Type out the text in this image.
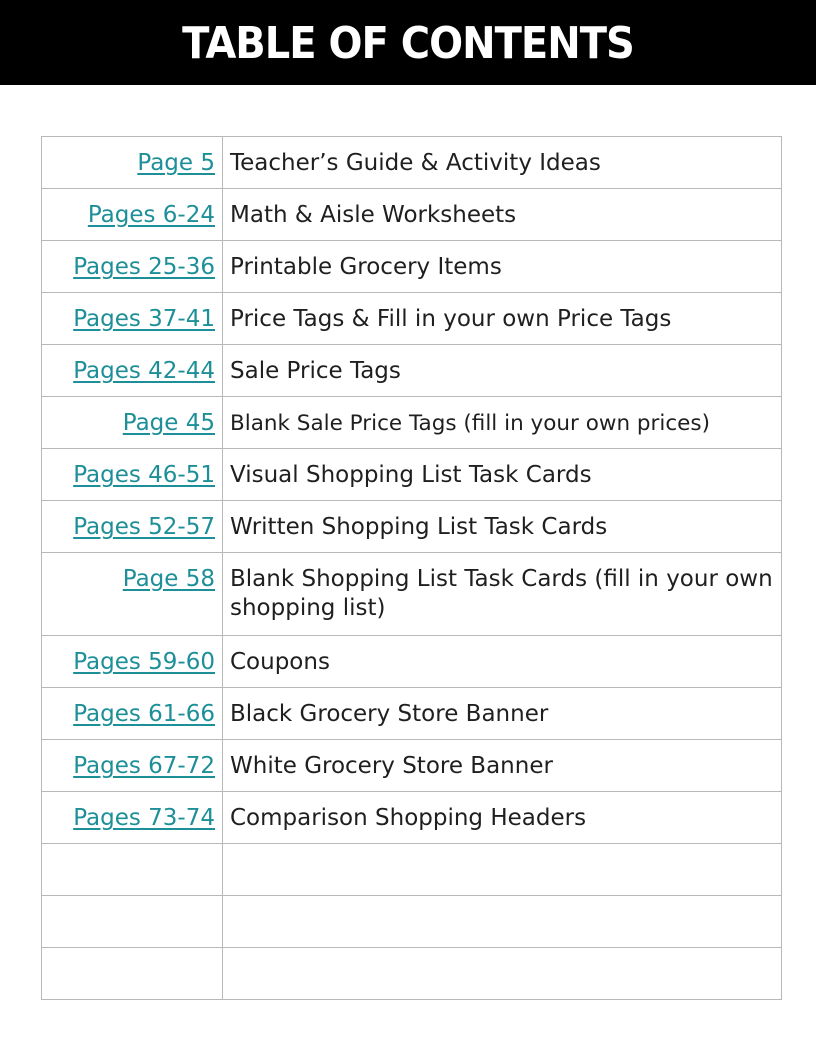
TABLE OF CONTENTS
Page 5	Teacher’s Guide & Activity Ideas

Pages 6-24	Math & Aisle Worksheets

Pages 25-36	Printable Grocery Items

Pages 37-41	Price Tags & Fill in your own Price Tags

Pages 42-44	Sale Price Tags

Page 45	Blank Sale Price Tags (fill in your own prices)

Pages 46-51	Visual Shopping List Task Cards

Pages 52-57	Written Shopping List Task Cards

Page 58	Blank Shopping List Task Cards (fill in your own shopping list)

Pages 59-60	Coupons

Pages 61-66	Black Grocery Store Banner

Pages 67-72	White Grocery Store Banner

Pages 73-74	Comparison Shopping Headers
